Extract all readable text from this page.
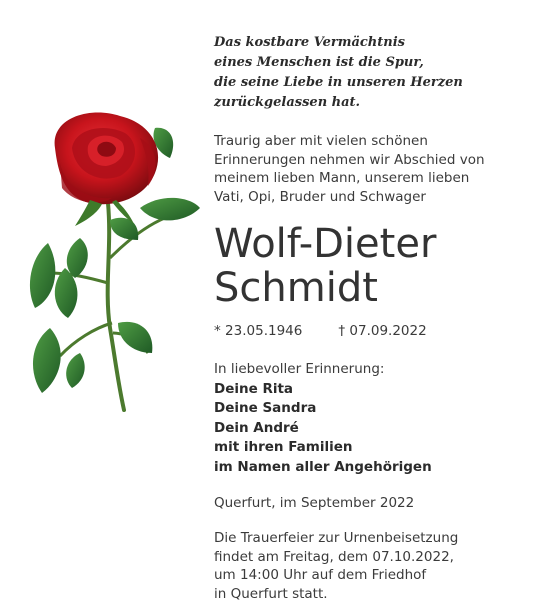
Das kostbare Vermächtnis
eines Menschen ist die Spur,
die seine Liebe in unseren Herzen
zurückgelassen hat.
Traurig aber mit vielen schönen
Erinnerungen nehmen wir Abschied von
meinem lieben Mann, unserem lieben
Vati, Opi, Bruder und Schwager
Wolf-Dieter
Schmidt
* 23.05.1946	† 07.09.2022
In liebevoller Erinnerung:
Deine Rita
Deine Sandra
Dein André
mit ihren Familien
im Namen aller Angehörigen
Querfurt, im September 2022
Die Trauerfeier zur Urnenbeisetzung
findet am Freitag, dem 07.10.2022,
um 14:00 Uhr auf dem Friedhof
in Querfurt statt.
